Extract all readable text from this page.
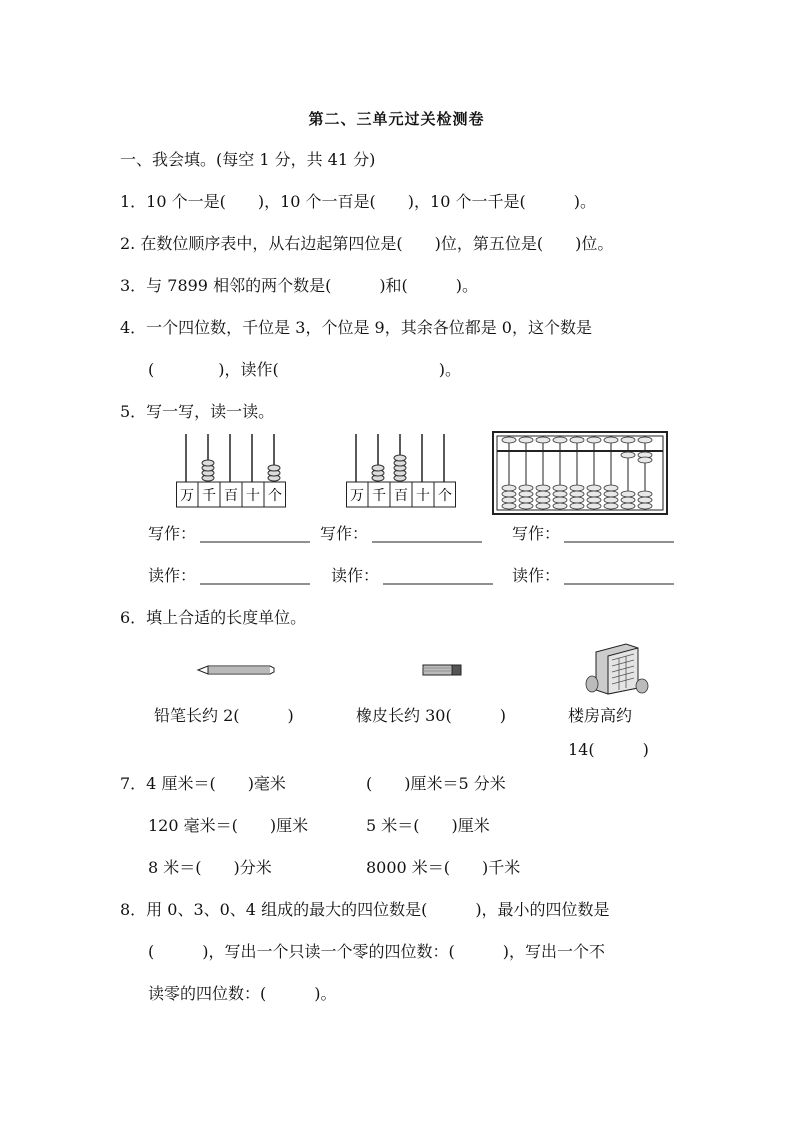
第二、三单元过关检测卷
一、我会填。(每空 1 分，共 41 分)
1．10 个一是(　　)，10 个一百是(　　)，10 个一千是(　　　)。
2. 在数位顺序表中，从右边起第四位是(　　)位，第五位是(　　)位。
3．与 7899 相邻的两个数是(　　　)和(　　　)。
4．一个四位数，千位是 3，个位是 9，其余各位都是 0，这个数是
(　　　　)，读作(　　　　　　　　　　)。
5．写一写，读一读。
万 千 百 十 个	万 千 百 十 个
写作：	写作：	写作：
读作：	读作：	读作：
6．填上合适的长度单位。
铅笔长约 2(　　　)	橡皮长约 30(　　　)	楼房高约
14(　　　)
7．4 厘米＝(　　)毫米	(　　)厘米＝5 分米
120 毫米＝(　　)厘米	5 米＝(　　)厘米
8 米＝(　　)分米	8000 米＝(　　)千米
8．用 0、3、0、4 组成的最大的四位数是(　　　)，最小的四位数是
(　　　)，写出一个只读一个零的四位数：(　　　)，写出一个不
读零的四位数：(　　　)。
